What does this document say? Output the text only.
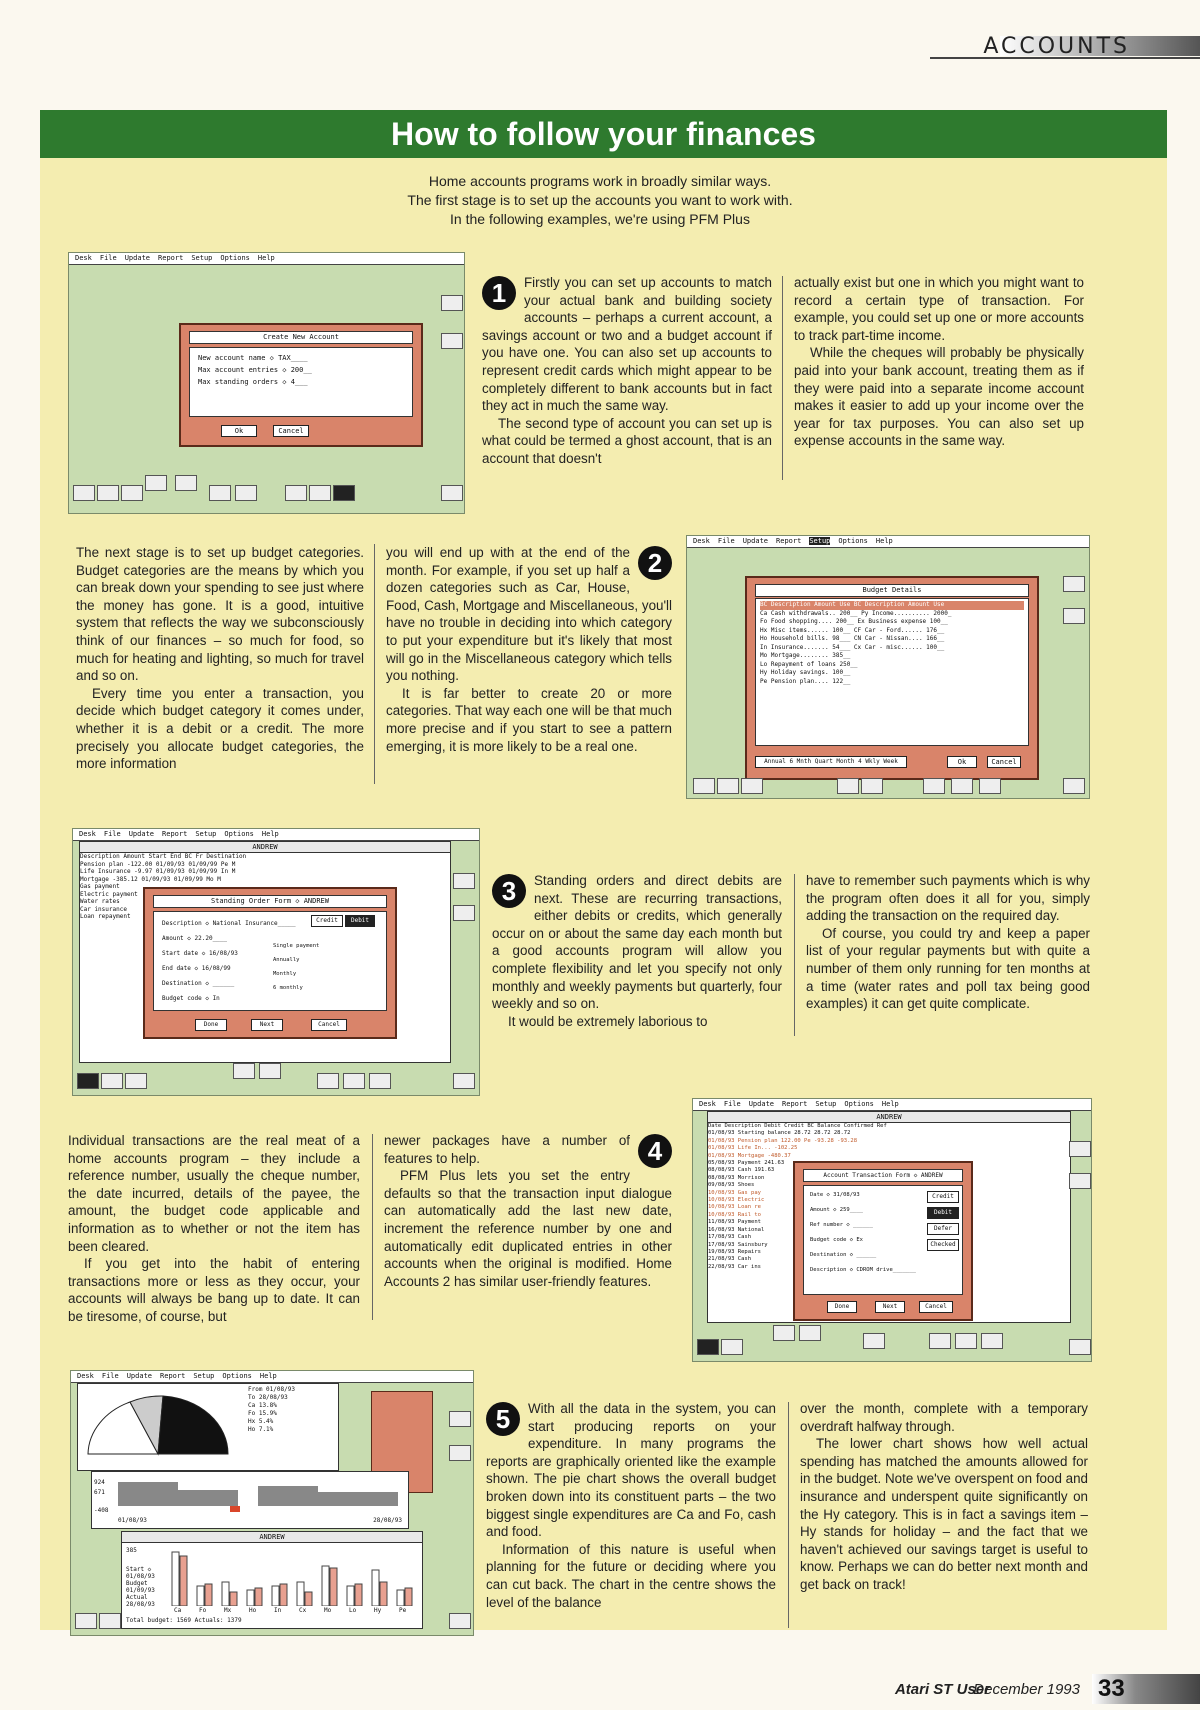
ACCOUNTS
How to follow your finances
Home accounts programs work in broadly similar ways.
The first stage is to set up the accounts you want to work with.
In the following examples, we're using PFM Plus
Desk File Update Report Setup Options Help
Create New Account
New account name ◇ TAX____
Max account entries ◇ 200__
Max standing orders ◇ 4___
Ok	Cancel
1	Firstly you can set up accounts to match your actual bank and building society accounts – perhaps a current account, a savings account or two and a budget account if you have one. You can also set up accounts to represent credit cards which might appear to be completely different to bank accounts but in fact they act in much the same way.

The second type of account you can set up is what could be termed a ghost account, that is an account that doesn't

actually exist but one in which you might want to record a certain type of transaction. For example, you could set up one or more accounts to track part-time income.

While the cheques will probably be physically paid into your bank account, treating them as if they were paid into a separate income account makes it easier to add up your income over the year for tax purposes. You can also set up expense accounts in the same way.

The next stage is to set up budget categories. Budget categories are the means by which you can break down your spending to see just where the money has gone. It is a good, intuitive system that reflects the way we subconsciously think of our finances – so much for food, so much for heating and lighting, so much for travel and so on.

Every time you enter a transaction, you decide which budget category it comes under, whether it is a debit or a credit. The more precisely you allocate budget categories, the more information

2

you will end up with at the end of the month. For example, if you set up half a dozen categories such as Car, House, Food, Cash, Mortgage and Miscellaneous, you'll have no trouble in deciding into which category to put your expenditure but it's likely that most will go in the Miscellaneous category which tells you nothing.

It is far better to create 20 or more categories. That way each one will be that much more precise and if you start to see a pattern emerging, it is more likely to be a real one.

Desk File Update Report Setup Options Help
Budget Details
BC Description Amount Use BC Description Amount Use
Ca Cash withdrawals.. 200__ Py Income.......... 2000_
Fo Food shopping.... 200__ Ex Business expense 100__
Hx Misc items...... 100__ CF Car - Ford...... 176__
Ho Household bills. 98___ CN Car - Nissan.... 166__
In Insurance....... 54___ Cx Car - misc...... 100__
Mo Mortgage........ 385__
Lo Repayment of loans 250__
Hy Holiday savings. 100__
Pe Pension plan.... 122__
Annual 6 Mnth Quart Month 4 Wkly Week	Ok	Cancel
Desk File Update Report Setup Options Help
ANDREW
Description Amount Start End BC Fr Destination
Pension plan -122.00 01/09/93 01/09/99 Pe M
Life Insurance -9.97 01/09/93 01/09/99 In M
Mortgage -385.12 01/09/93 01/09/99 Mo M
Gas payment
Electric payment
Water rates
Car insurance
Loan repayment
Standing Order Form ◇ ANDREW
Description ◇ National Insurance_____
Amount ◇ 22.20____
Start date ◇ 16/08/93
End date ◇ 16/08/99
Destination ◇ ______
Budget code ◇ In
Credit	Debit
Single payment
Annually
Monthly
6 monthly
Done	Next	Cancel
3	Standing orders and direct debits are next. These are recurring transactions, either debits or credits, which generally occur on or about the same day each month but a good accounts program will allow you complete flexibility and let you specify not only monthly and weekly payments but quarterly, four weekly and so on.

It would be extremely laborious to

have to remember such payments which is why the program often does it all for you, simply adding the transaction on the required day.

Of course, you could try and keep a paper list of your regular payments but with quite a number of them only running for ten months at a time (water rates and poll tax being good examples) it can get quite complicate.

Individual transactions are the real meat of a home accounts program – they include a reference number, usually the cheque number, the date incurred, details of the payee, the amount, the budget code applicable and information as to whether or not the item has been cleared.

If you get into the habit of entering transactions more or less as they occur, your accounts will always be bang up to date. It can be tiresome, of course, but

4

newer packages have a number of features to help.

PFM Plus lets you set the entry defaults so that the transaction input dialogue can automatically add the last new date, increment the reference number by one and automatically edit duplicated entries in other accounts when the original is modified. Home Accounts 2 has similar user-friendly features.

Desk File Update Report Setup Options Help
ANDREW
Date Description Debit Credit BC Balance Confirmed Ref
01/08/93 Starting balance 28.72 28.72 28.72
01/08/93 Pension plan 122.00 Pe -93.28 -93.28
01/08/93 Life In... -102.25
01/08/93 Mortgage -480.37
05/08/93 Payment 241.63
08/08/93 Cash 191.63
08/08/93 Morrison
09/08/93 Shoes
10/08/93 Gas pay
10/08/93 Electric
10/08/93 Loan re
10/08/93 Rail to
11/08/93 Payment
16/08/93 National
17/08/93 Cash
17/08/93 Sainsbury
19/08/93 Repairs
21/08/93 Cash
22/08/93 Car ins
Account Transaction Form ◇ ANDREW
Date ◇ 31/08/93
Amount ◇ 259____
Ref number ◇ ______
Budget code ◇ Ex
Destination ◇ ______
Description ◇ CDROM drive_______
Credit
Debit
Defer
Checked
Done	Next	Cancel
Desk File Update Report Setup Options Help
From 01/08/93
To 28/08/93
Ca 13.8%
Fo 15.9%
Hx 5.4%
Ho 7.1%
924
671
-408
01/08/93	28/08/93
ANDREW
385
Start ◇
01/08/93
Budget
01/09/93
Actual
28/08/93
Ca	Fo	Mx	Ho	In	Cx	Mo	Lo	Hy	Pe
Total budget: 1569 Actuals: 1379
5	With all the data in the system, you can start producing reports on your expenditure. In many programs the reports are graphically oriented like the example shown. The pie chart shows the overall budget broken down into its constituent parts – the two biggest single expenditures are Ca and Fo, cash and food.

Information of this nature is useful when planning for the future or deciding where you can cut back. The chart in the centre shows the level of the balance

over the month, complete with a temporary overdraft halfway through.

The lower chart shows how well actual spending has matched the amounts allowed for in the budget. Note we've overspent on food and insurance and underspent quite significantly on the Hy category. This is in fact a savings item – Hy stands for holiday – and the fact that we haven't achieved our savings target is useful to know. Perhaps we can do better next month and get back on track!

Atari ST User
December 1993 33
